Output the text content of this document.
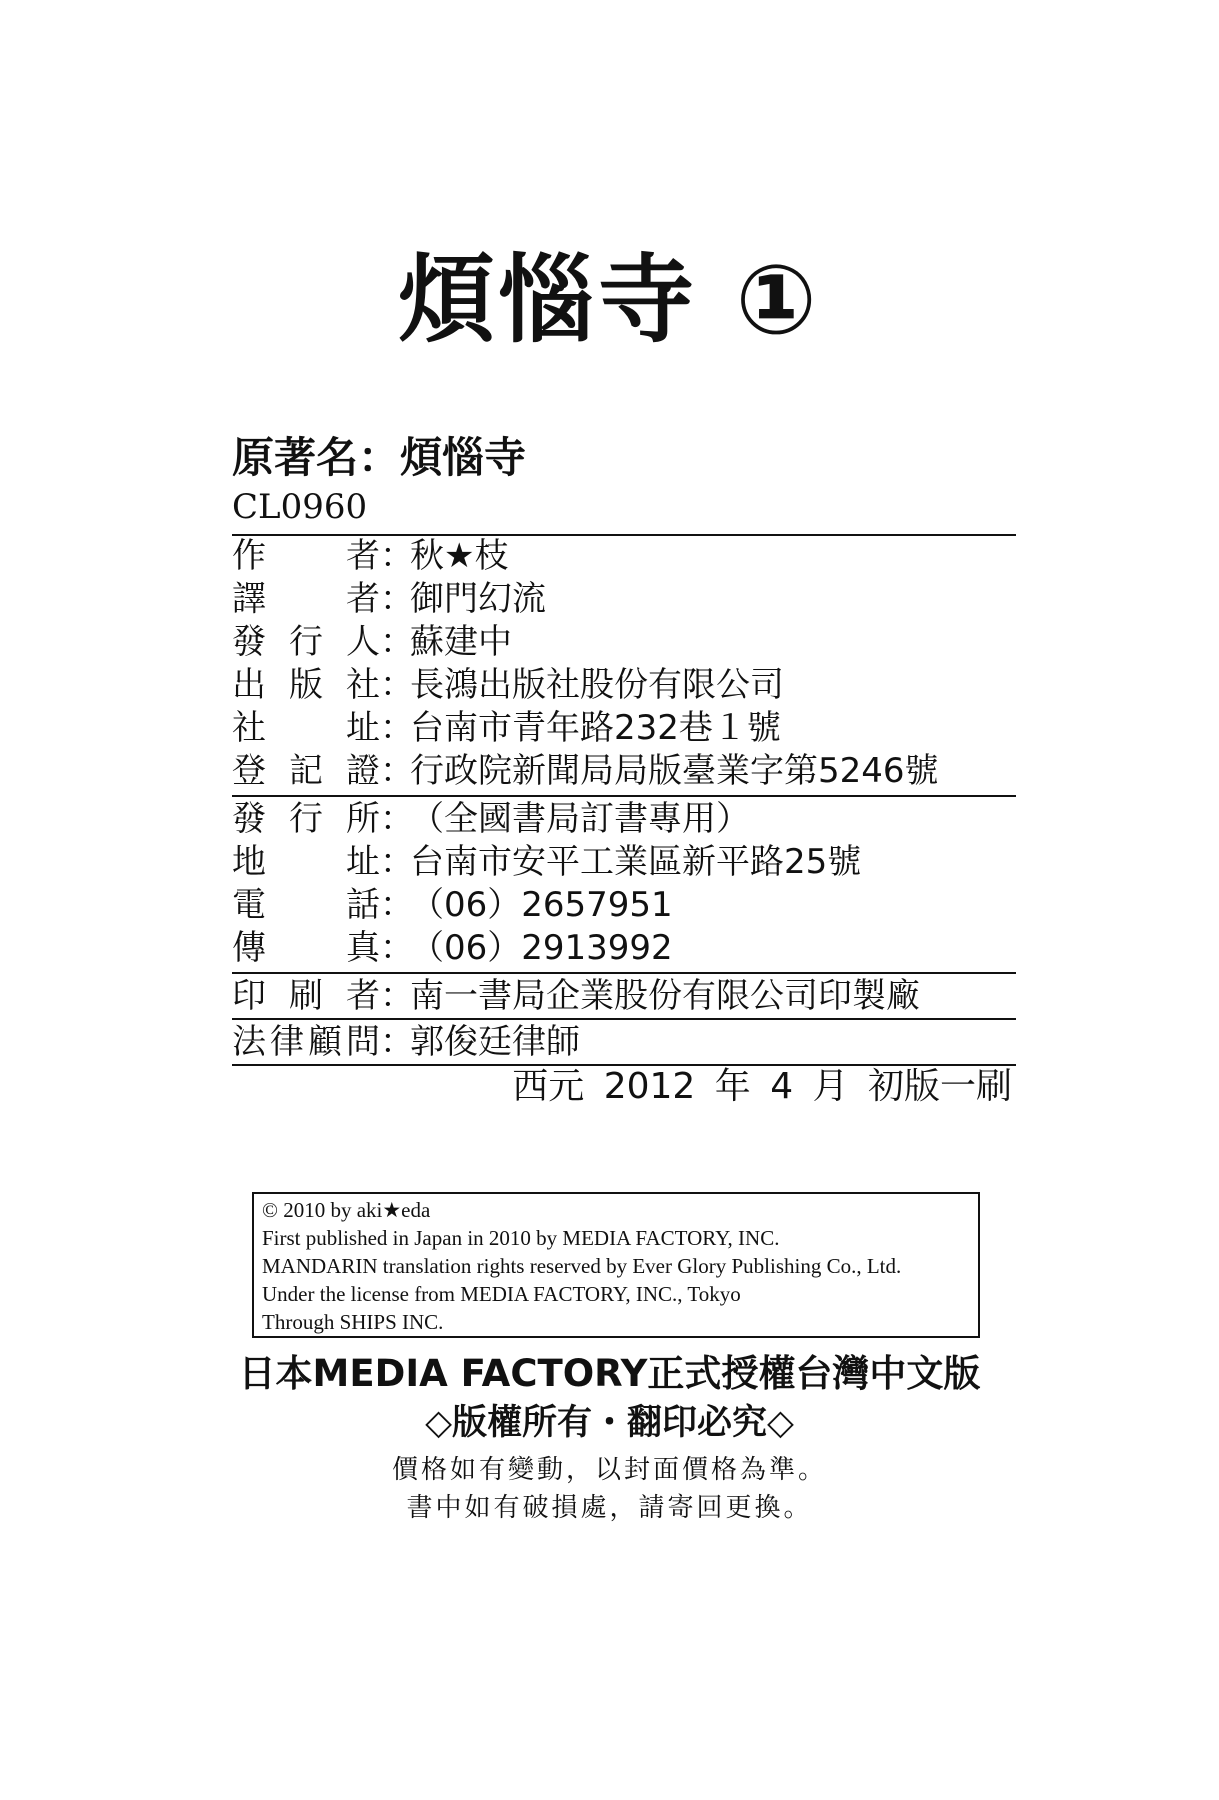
煩惱寺 ①
原著名：煩惱寺
CL0960
作者：秋★枝
譯者：御門幻流
發行人：蘇建中
出版社：長鴻出版社股份有限公司
社址：台南市青年路232巷１號
登記證：行政院新聞局局版臺業字第5246號
發行所：（全國書局訂書專用）
地址：台南市安平工業區新平路25號
電話：（06）2657951
傳真：（06）2913992
印刷者：南一書局企業股份有限公司印製廠
法律顧問：郭俊廷律師
西元 2012 年 4 月 初版一刷
© 2010 by aki★eda
First published in Japan in 2010 by MEDIA FACTORY, INC.
MANDARIN translation rights reserved by Ever Glory Publishing Co., Ltd.
Under the license from MEDIA FACTORY, INC., Tokyo
Through SHIPS INC.
日本MEDIA FACTORY正式授權台灣中文版
◇版權所有・翻印必究◇
價格如有變動，以封面價格為準。
書中如有破損處，請寄回更換。
